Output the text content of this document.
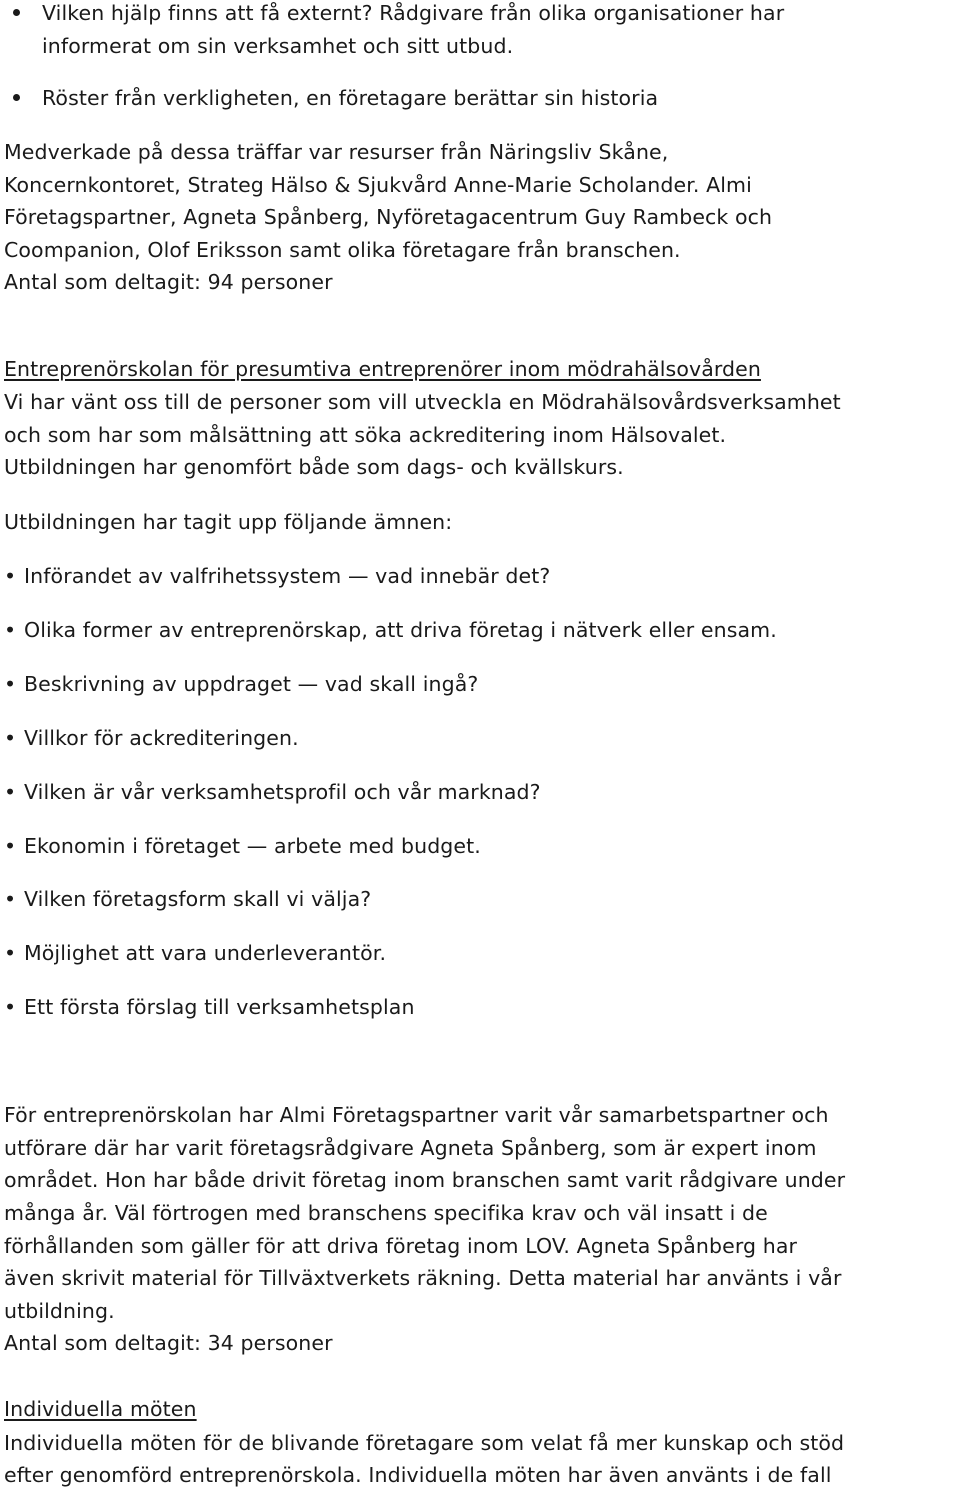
Vilken hjälp finns att få externt? Rådgivare från olika organisationer har
informerat om sin verksamhet och sitt utbud.
Röster från verkligheten, en företagare berättar sin historia
Medverkade på dessa träffar var resurser från Näringsliv Skåne,
Koncernkontoret, Strateg Hälso & Sjukvård Anne-Marie Scholander. Almi
Företagspartner, Agneta Spånberg, Nyföretagacentrum Guy Rambeck och
Coompanion, Olof Eriksson samt olika företagare från branschen.
Antal som deltagit: 94 personer
Entreprenörskolan för presumtiva entreprenörer inom mödrahälsovården
Vi har vänt oss till de personer som vill utveckla en Mödrahälsovårdsverksamhet
och som har som målsättning att söka ackreditering inom Hälsovalet.
Utbildningen har genomfört både som dags- och kvällskurs.
Utbildningen har tagit upp följande ämnen:
• Införandet av valfrihetssystem — vad innebär det?
• Olika former av entreprenörskap, att driva företag i nätverk eller ensam.
• Beskrivning av uppdraget — vad skall ingå?
• Villkor för ackrediteringen.
• Vilken är vår verksamhetsprofil och vår marknad?
• Ekonomin i företaget — arbete med budget.
• Vilken företagsform skall vi välja?
• Möjlighet att vara underleverantör.
• Ett första förslag till verksamhetsplan
För entreprenörskolan har Almi Företagspartner varit vår samarbetspartner och
utförare där har varit företagsrådgivare Agneta Spånberg, som är expert inom
området. Hon har både drivit företag inom branschen samt varit rådgivare under
många år. Väl förtrogen med branschens specifika krav och väl insatt i de
förhållanden som gäller för att driva företag inom LOV. Agneta Spånberg har
även skrivit material för Tillväxtverkets räkning. Detta material har använts i vår
utbildning.
Antal som deltagit: 34 personer
Individuella möten
Individuella möten för de blivande företagare som velat få mer kunskap och stöd
efter genomförd entreprenörskola. Individuella möten har även använts i de fall
